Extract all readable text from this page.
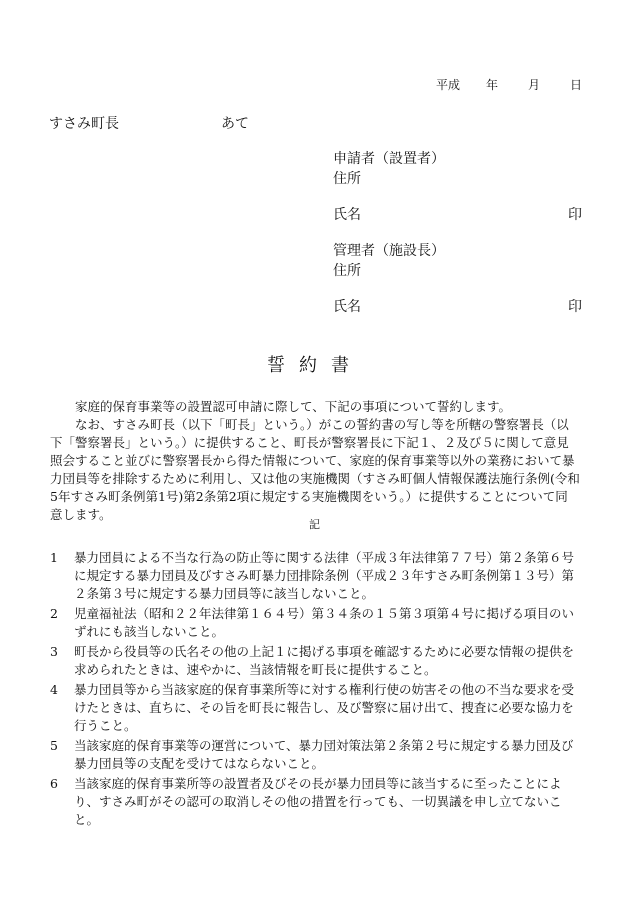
平成 年	月	日
すさみ町長	あて
申請者（設置者）
住所
氏名	印
管理者（施設長）
住所
氏名	印
誓約書

家庭的保育事業等の設置認可申請に際して、下記の事項について誓約します。

なお、すさみ町長（以下「町長」という。）がこの誓約書の写し等を所轄の警察署長（以下「警察署長」という。）に提供すること、町長が警察署長に下記１、２及び５に関して意見照会すること並びに警察署長から得た情報について、家庭的保育事業等以外の業務において暴力団員等を排除するために利用し、又は他の実施機関（すさみ町個人情報保護法施行条例(令和5年すさみ町条例第1号)第2条第2項に規定する実施機関をいう。）に提供することについて同意します。

記
1	暴力団員による不当な行為の防止等に関する法律（平成３年法律第７７号）第２条第６号に規定する暴力団員及びすさみ町暴力団排除条例（平成２３年すさみ町条例第１３号）第２条第３号に規定する暴力団員等に該当しないこと。
2	児童福祉法（昭和２２年法律第１６４号）第３４条の１５第３項第４号に掲げる項目のいずれにも該当しないこと。
3	町長から役員等の氏名その他の上記１に掲げる事項を確認するために必要な情報の提供を求められたときは、速やかに、当該情報を町長に提供すること。
4	暴力団員等から当該家庭的保育事業所等に対する権利行使の妨害その他の不当な要求を受けたときは、直ちに、その旨を町長に報告し、及び警察に届け出て、捜査に必要な協力を行うこと。
5	当該家庭的保育事業等の運営について、暴力団対策法第２条第２号に規定する暴力団及び暴力団員等の支配を受けてはならないこと。
6	当該家庭的保育事業所等の設置者及びその長が暴力団員等に該当するに至ったことにより、すさみ町がその認可の取消しその他の措置を行っても、一切異議を申し立てないこと。
